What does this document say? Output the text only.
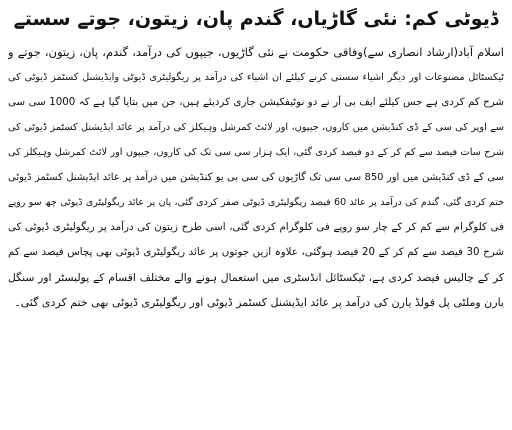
ڈیوٹی کم: نئی گاڑیاں، گندم پان، زیتون، جوتے سستے
اسلام آباد(ارشاد انصاری سے)وفاقی حکومت نے نئی گاڑیوں، جیپوں کی درآمد، گندم، پان، زیتون، جوتے و
ٹیکسٹائل مصنوعات اور دیگر اشیاء سستی کرنے کیلئے ان اشیاء کی درآمد پر ریگولیٹری ڈیوٹی وایڈیشنل کسٹمز ڈیوٹی کی
شرح کم کردی ہے جس کیلئے ایف بی آر نے دو نوٹیفکیشن جاری کردیئے ہیں، جن میں بتایا گیا ہے کہ 1000 سی سی
سے اوپر کی سی کے ڈی کنڈیشن میں کاروں، جیپوں، اور لائٹ کمرشل وہیکلز کی درآمد پر عائد ایڈیشنل کسٹمز ڈیوٹی کی
شرح سات فیصد سے کم کر کے دو فیصد کردی گئی، ایک ہزار سی سی تک کی کاروں، جیپوں اور لائٹ کمرشل وہیکلز کی
سی کے ڈی کنڈیشن میں اور 850 سی سی تک گاڑیوں کی سی بی یو کنڈیشن میں درآمد پر عائد ایڈیشنل کسٹمز ڈیوٹی
ختم کردی گئی، گندم کی درآمد پر عائد 60 فیصد ریگولیٹری ڈیوٹی صفر کردی گئی، پان پر عائد ریگولیٹری ڈیوٹی چھ سو روپے
فی کلوگرام سے کم کر کے چار سو روپے فی کلوگرام کردی گئی، اسی طرح زیتون کی درآمد پر ریگولیٹری ڈیوٹی کی
شرح 30 فیصد سے کم کر کے 20 فیصد ہوگئی، علاوہ ازیں جوتوں پر عائد ریگولیٹری ڈیوٹی بھی پچاس فیصد سے کم
کر کے چالیس فیصد کردی ہے، ٹیکسٹائل انڈسٹری میں استعمال ہونے والے مختلف اقسام کے پولیسٹر اور سنگل
یارن وملٹی پل فولڈ یارن کی درآمد پر عائد ایڈیشنل کسٹمز ڈیوٹی اور ریگولیٹری ڈیوٹی بھی ختم کردی گئی۔
